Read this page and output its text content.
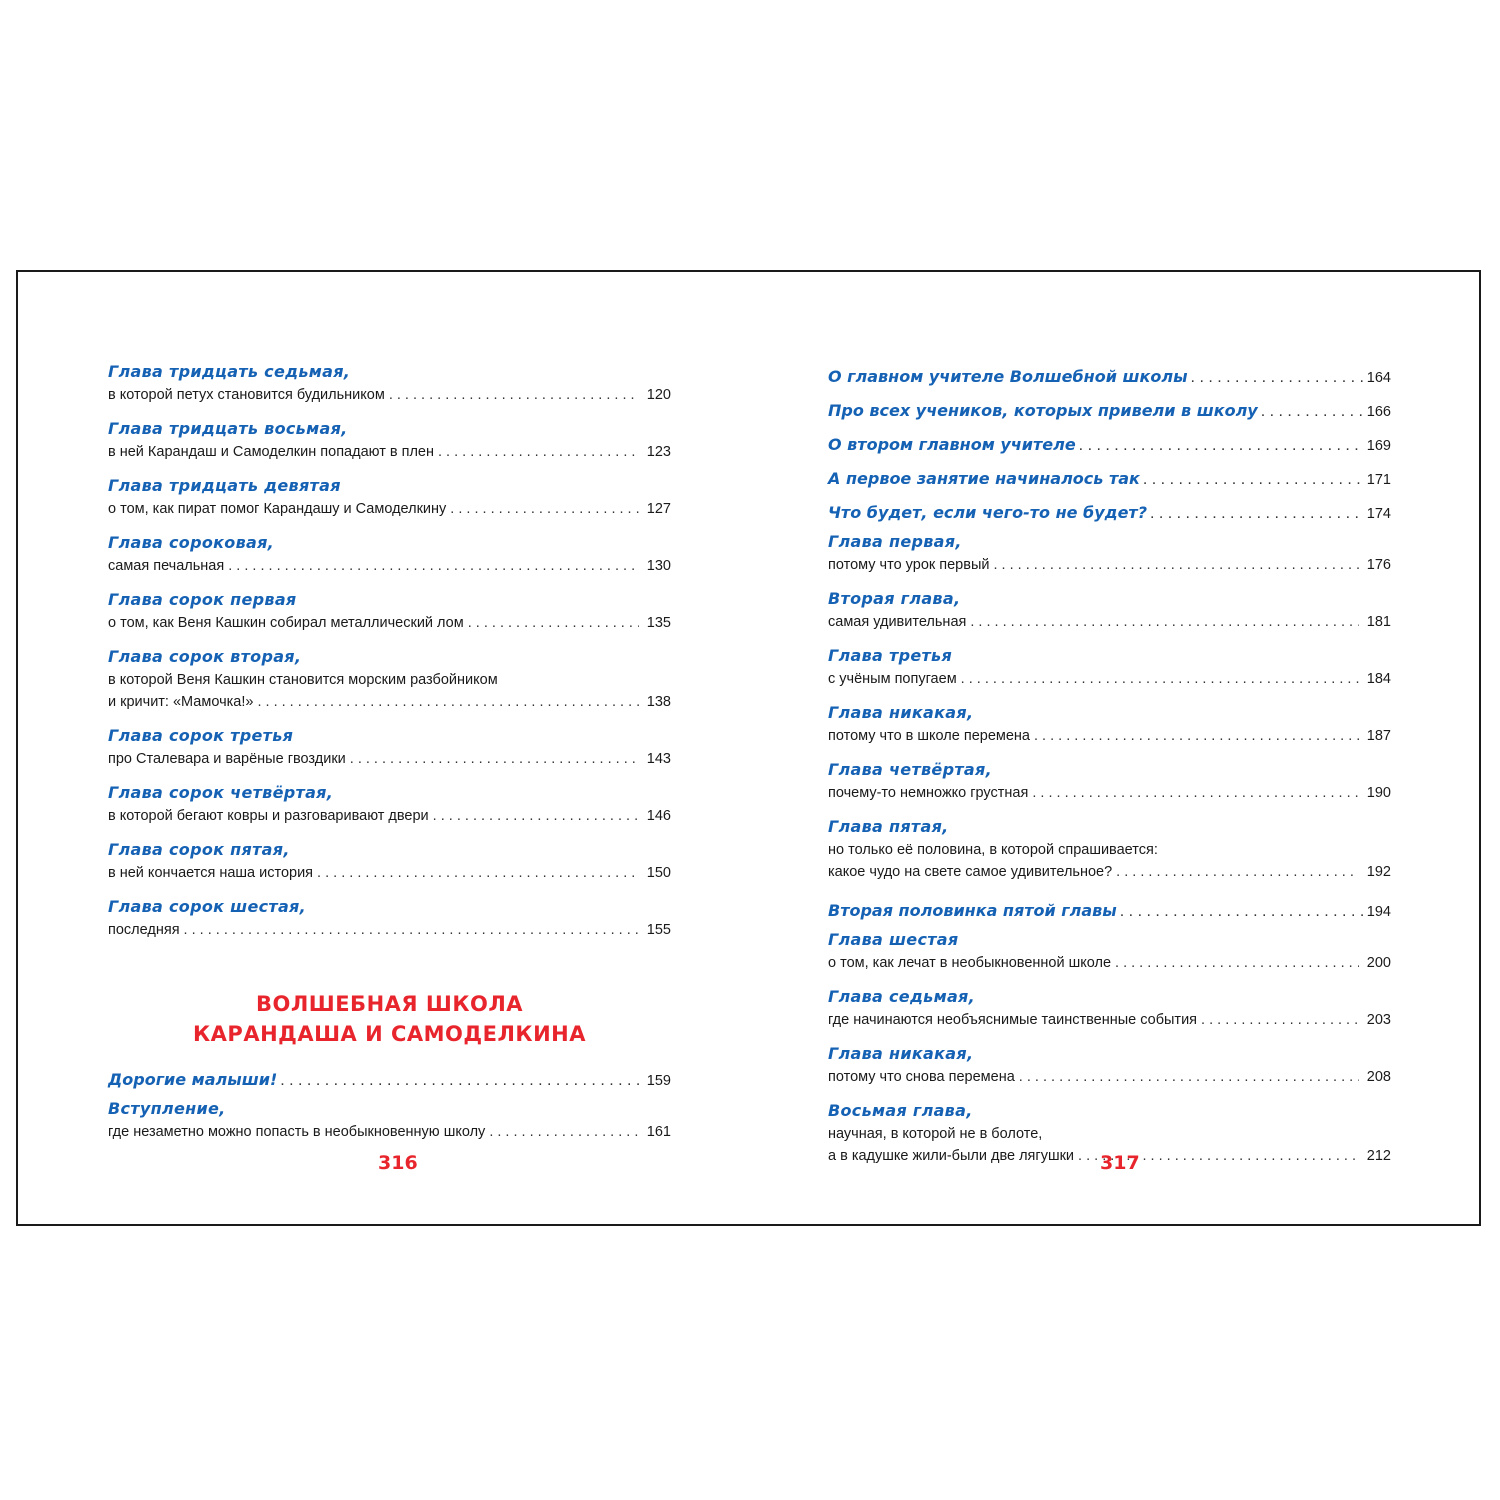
Глава тридцать седьмая,
в которой петух становится будильником . . .	120
Глава тридцать восьмая,
в ней Карандаш и Самоделкин попадают в плен . . .	123
Глава тридцать девятая
о том, как пират помог Карандашу и Самоделкину . . .	127
Глава сороковая,
самая печальная . . .	130
Глава сорок первая
о том, как Веня Кашкин собирал металлический лом . . .	135
Глава сорок вторая,
в которой Веня Кашкин становится морским разбойником
и кричит: «Мамочка!» . . .	138
Глава сорок третья
про Сталевара и варёные гвоздики . . .	143
Глава сорок четвёртая,
в которой бегают ковры и разговаривают двери . . .	146
Глава сорок пятая,
в ней кончается наша история . . .	150
Глава сорок шестая,
последняя . . .	155
ВОЛШЕБНАЯ ШКОЛА
КАРАНДАША И САМОДЕЛКИНА
Дорогие малыши! . . .	159
Вступление,
где незаметно можно попасть в необыкновенную школу . . .	161
О главном учителе Волшебной школы . . .	164
Про всех учеников, которых привели в школу . . .	166
О втором главном учителе . . .	169
А первое занятие начиналось так . . .	171
Что будет, если чего-то не будет? . . .	174
Глава первая,
потому что урок первый . . .	176
Вторая глава,
самая удивительная . . .	181
Глава третья
с учёным попугаем . . .	184
Глава никакая,
потому что в школе перемена . . .	187
Глава четвёртая,
почему-то немножко грустная . . .	190
Глава пятая,
но только её половина, в которой спрашивается:
какое чудо на свете самое удивительное? . . .	192
Вторая половинка пятой главы . . .	194
Глава шестая
о том, как лечат в необыкновенной школе . . .	200
Глава седьмая,
где начинаются необъяснимые таинственные события . . .	203
Глава никакая,
потому что снова перемена . . .	208
Восьмая глава,
научная, в которой не в болоте,
а в кадушке жили-были две лягушки . . .	212
316	317
